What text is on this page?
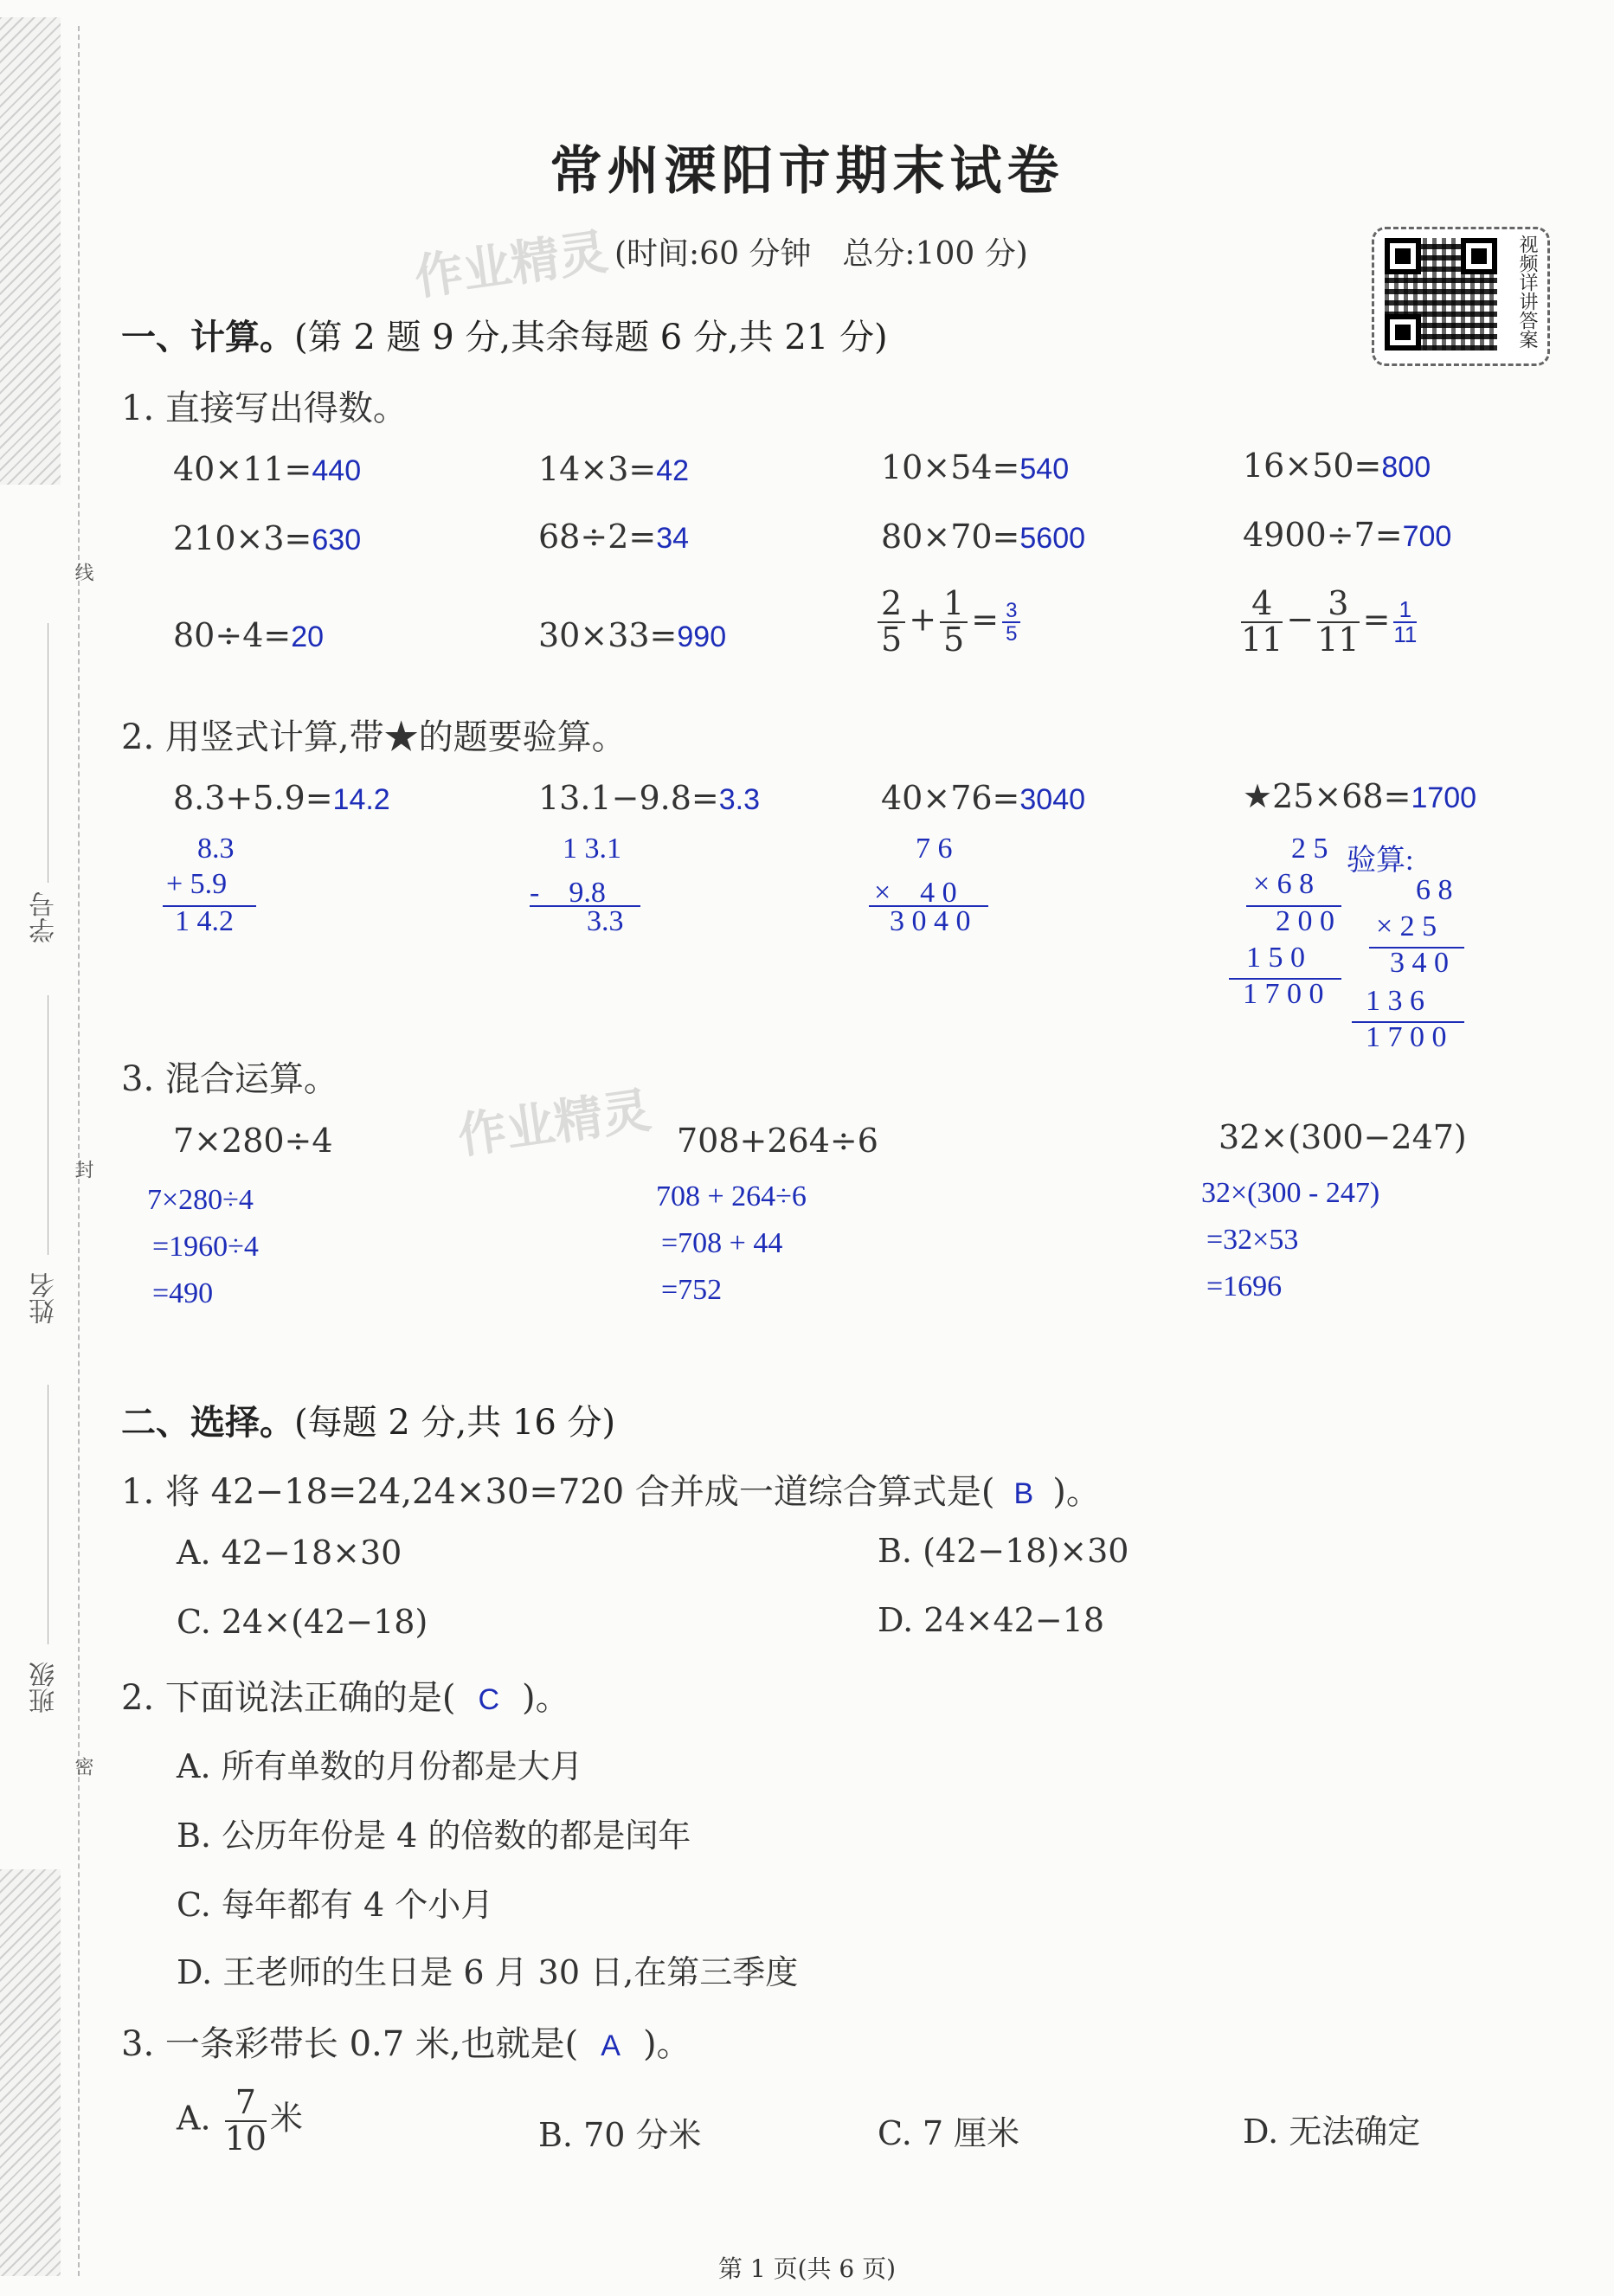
线
封
密
学号
姓名
班级
常州溧阳市期末试卷
作业精灵 (时间:60 分钟　总分:100 分)	视频详讲答案
一、计算。(第 2 题 9 分,其余每题 6 分,共 21 分)
1. 直接写出得数。
40×11=440	14×3=42	10×54=540	16×50=800
210×3=630	68÷2=34	80×70=5600	4900÷7=700
80÷4=20	30×33=990	$\frac{2}{5} + \frac{1}{5} = \frac{3}{5}$	$\frac{4}{11} - \frac{3}{11} = \frac{1}{11}$
2. 用竖式计算,带★的题要验算。
8.3+5.9=14.2	13.1−9.8=3.3	40×76=3040	★25×68=1700
8.3
+ 5.9
1 4.2
1 3.1
-　9.8
3.3
7 6
×　4 0
3 0 4 0
2 5
× 6 8
2 0 0
1 5 0
1 7 0 0
验算:
6 8
× 2 5
3 4 0
1 3 6
1 7 0 0
3. 混合运算。
作业精灵
7×280÷4	708+264÷6	32×(300−247)
7×280÷4
=1960÷4
=490
708 + 264÷6
=708 + 44
=752
32×(300 - 247)
=32×53
=1696
二、选择。(每题 2 分,共 16 分)
1. 将 42−18=24,24×30=720 合并成一道综合算式是( B )。
A. 42−18×30	B. (42−18)×30
C. 24×(42−18)	D. 24×42−18
2. 下面说法正确的是( C )。
A. 所有单数的月份都是大月
B. 公历年份是 4 的倍数的都是闰年
C. 每年都有 4 个小月
D. 王老师的生日是 6 月 30 日,在第三季度
3. 一条彩带长 0.7 米,也就是( A )。
A. $\frac{7}{10}$ 米	B. 70 分米	C. 7 厘米	D. 无法确定
第 1 页(共 6 页)
